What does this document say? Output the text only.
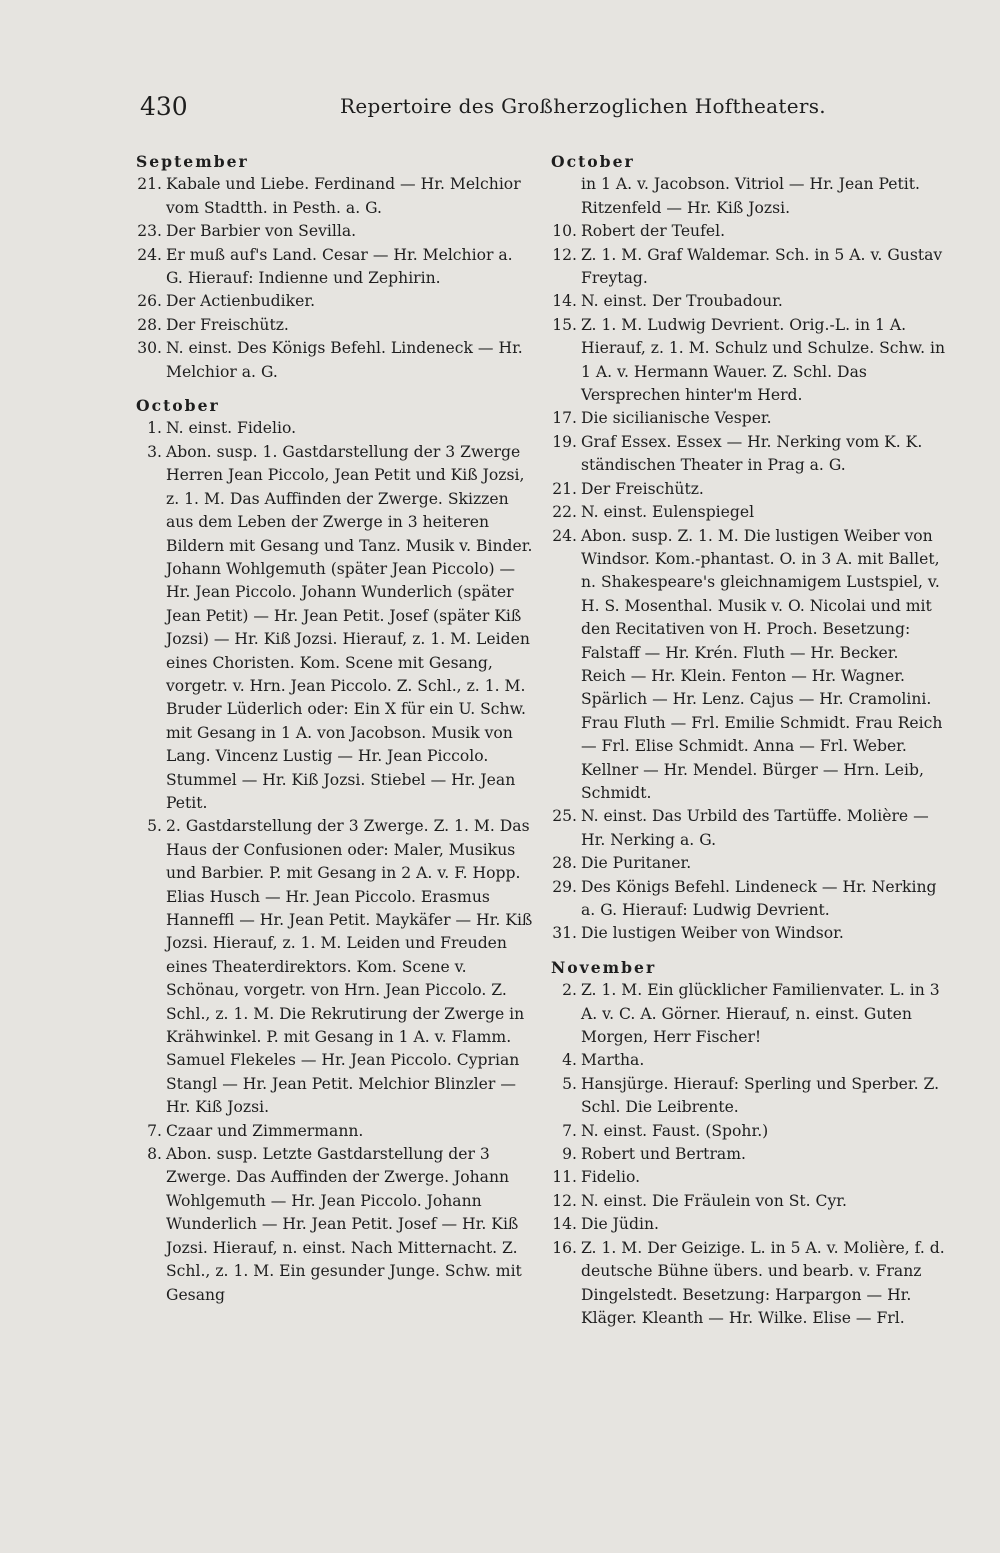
430	Repertoire des Großherzoglichen Hoftheaters.

September

21. Kabale und Liebe. Ferdinand — Hr. Melchior vom Stadtth. in Pesth. a. G.

23. Der Barbier von Sevilla.

24. Er muß auf's Land. Cesar — Hr. Melchior a. G. Hierauf: Indienne und Zephirin.

26. Der Actienbudiker.

28. Der Freischütz.

30. N. einst. Des Königs Befehl. Lindeneck — Hr. Melchior a. G.

October

1. N. einst. Fidelio.

3. Abon. susp. 1. Gastdarstellung der 3 Zwerge Herren Jean Piccolo, Jean Petit und Kiß Jozsi, z. 1. M. Das Auffinden der Zwerge. Skizzen aus dem Leben der Zwerge in 3 heiteren Bildern mit Gesang und Tanz. Musik v. Binder. Johann Wohlgemuth (später Jean Piccolo) — Hr. Jean Piccolo. Johann Wunderlich (später Jean Petit) — Hr. Jean Petit. Josef (später Kiß Jozsi) — Hr. Kiß Jozsi. Hierauf, z. 1. M. Leiden eines Choristen. Kom. Scene mit Gesang, vorgetr. v. Hrn. Jean Piccolo. Z. Schl., z. 1. M. Bruder Lüderlich oder: Ein X für ein U. Schw. mit Gesang in 1 A. von Jacobson. Musik von Lang. Vincenz Lustig — Hr. Jean Piccolo. Stummel — Hr. Kiß Jozsi. Stiebel — Hr. Jean Petit.

5. 2. Gastdarstellung der 3 Zwerge. Z. 1. M. Das Haus der Confusionen oder: Maler, Musikus und Barbier. P. mit Gesang in 2 A. v. F. Hopp. Elias Husch — Hr. Jean Piccolo. Erasmus Hanneffl — Hr. Jean Petit. Maykäfer — Hr. Kiß Jozsi. Hierauf, z. 1. M. Leiden und Freuden eines Theaterdirektors. Kom. Scene v. Schönau, vorgetr. von Hrn. Jean Piccolo. Z. Schl., z. 1. M. Die Rekrutirung der Zwerge in Krähwinkel. P. mit Gesang in 1 A. v. Flamm. Samuel Flekeles — Hr. Jean Piccolo. Cyprian Stangl — Hr. Jean Petit. Melchior Blinzler — Hr. Kiß Jozsi.

7. Czaar und Zimmermann.

8. Abon. susp. Letzte Gastdarstellung der 3 Zwerge. Das Auffinden der Zwerge. Johann Wohlgemuth — Hr. Jean Piccolo. Johann Wunderlich — Hr. Jean Petit. Josef — Hr. Kiß Jozsi. Hierauf, n. einst. Nach Mitternacht. Z. Schl., z. 1. M. Ein gesunder Junge. Schw. mit Gesang

October

in 1 A. v. Jacobson. Vitriol — Hr. Jean Petit. Ritzenfeld — Hr. Kiß Jozsi.

10. Robert der Teufel.

12. Z. 1. M. Graf Waldemar. Sch. in 5 A. v. Gustav Freytag.

14. N. einst. Der Troubadour.

15. Z. 1. M. Ludwig Devrient. Orig.-L. in 1 A. Hierauf, z. 1. M. Schulz und Schulze. Schw. in 1 A. v. Hermann Wauer. Z. Schl. Das Versprechen hinter'm Herd.

17. Die sicilianische Vesper.

19. Graf Essex. Essex — Hr. Nerking vom K. K. ständischen Theater in Prag a. G.

21. Der Freischütz.

22. N. einst. Eulenspiegel

24. Abon. susp. Z. 1. M. Die lustigen Weiber von Windsor. Kom.-phantast. O. in 3 A. mit Ballet, n. Shakespeare's gleichnamigem Lustspiel, v. H. S. Mosenthal. Musik v. O. Nicolai und mit den Recitativen von H. Proch. Besetzung: Falstaff — Hr. Krén. Fluth — Hr. Becker. Reich — Hr. Klein. Fenton — Hr. Wagner. Spärlich — Hr. Lenz. Cajus — Hr. Cramolini. Frau Fluth — Frl. Emilie Schmidt. Frau Reich — Frl. Elise Schmidt. Anna — Frl. Weber. Kellner — Hr. Mendel. Bürger — Hrn. Leib, Schmidt.

25. N. einst. Das Urbild des Tartüffe. Molière — Hr. Nerking a. G.

28. Die Puritaner.

29. Des Königs Befehl. Lindeneck — Hr. Nerking a. G. Hierauf: Ludwig Devrient.

31. Die lustigen Weiber von Windsor.

November

2. Z. 1. M. Ein glücklicher Familienvater. L. in 3 A. v. C. A. Görner. Hierauf, n. einst. Guten Morgen, Herr Fischer!

4. Martha.

5. Hansjürge. Hierauf: Sperling und Sperber. Z. Schl. Die Leibrente.

7. N. einst. Faust. (Spohr.)

9. Robert und Bertram.

11. Fidelio.

12. N. einst. Die Fräulein von St. Cyr.

14. Die Jüdin.

16. Z. 1. M. Der Geizige. L. in 5 A. v. Molière, f. d. deutsche Bühne übers. und bearb. v. Franz Dingelstedt. Besetzung: Harpargon — Hr. Kläger. Kleanth — Hr. Wilke. Elise — Frl.
